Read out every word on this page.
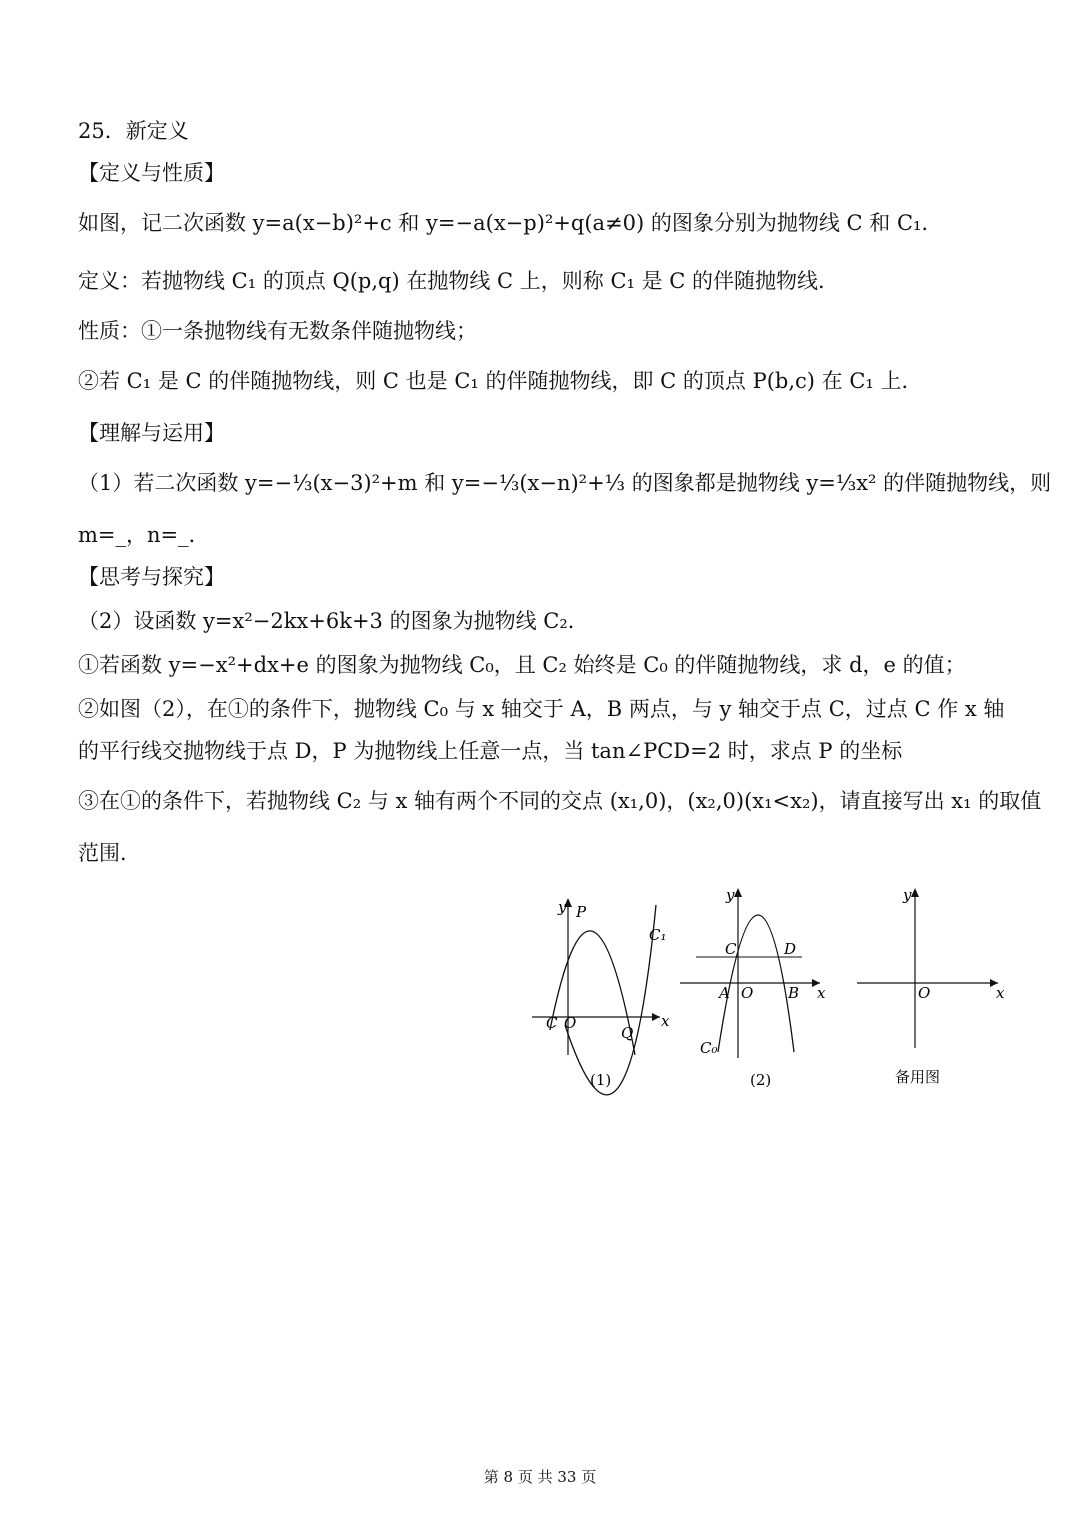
25．新定义
【定义与性质】
如图，记二次函数 y=a(x−b)²+c 和 y=−a(x−p)²+q(a≠0) 的图象分别为抛物线 C 和 C₁．
定义：若抛物线 C₁ 的顶点 Q(p,q) 在抛物线 C 上，则称 C₁ 是 C 的伴随抛物线．
性质：①一条抛物线有无数条伴随抛物线；
②若 C₁ 是 C 的伴随抛物线，则 C 也是 C₁ 的伴随抛物线，即 C 的顶点 P(b,c) 在 C₁ 上．
【理解与运用】
（1）若二次函数 y=−⅓(x−3)²+m 和 y=−⅓(x−n)²+⅓ 的图象都是抛物线 y=⅓x² 的伴随抛物线，则
m=_，n=_．
【思考与探究】
（2）设函数 y=x²−2kx+6k+3 的图象为抛物线 C₂．
①若函数 y=−x²+dx+e 的图象为抛物线 C₀，且 C₂ 始终是 C₀ 的伴随抛物线，求 d，e 的值；
②如图（2），在①的条件下，抛物线 C₀ 与 x 轴交于 A，B 两点，与 y 轴交于点 C，过点 C 作 x 轴
的平行线交抛物线于点 D，P 为抛物线上任意一点，当 tan∠PCD=2 时，求点 P 的坐标
③在①的条件下，若抛物线 C₂ 与 x 轴有两个不同的交点 (x₁,0)，(x₂,0)(x₁<x₂)，请直接写出 x₁ 的取值
范围．
y P
C₁
x
C O
Q
(1)
y
C	D
A O B x
C₀
(2)
y
O	x
备用图
第 8 页 共 33 页
